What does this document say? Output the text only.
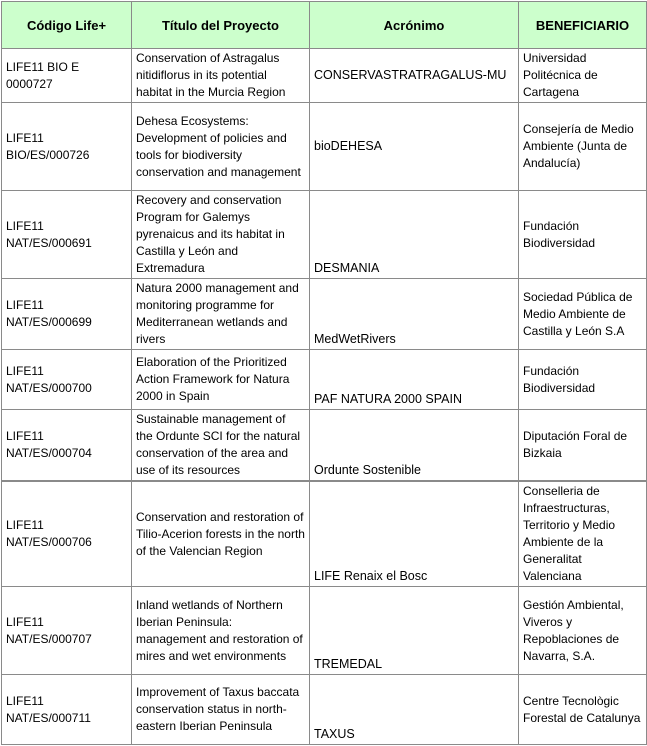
Código Life+	Título del Proyecto	Acrónimo	BENEFICIARIO
LIFE11 BIO E 0000727	Conservation of Astragalus nitidiflorus in its potential habitat in the Murcia Region	CONSERVASTRATRAGALUS-MU	Universidad Politécnica de Cartagena
LIFE11 BIO/ES/000726	Dehesa Ecosystems: Development of policies and tools for biodiversity conservation and management	bioDEHESA	Consejería de Medio Ambiente (Junta de Andalucía)
LIFE11 NAT/ES/000691	Recovery and conservation Program for Galemys pyrenaicus and its habitat in Castilla y León and Extremadura	DESMANIA	Fundación Biodiversidad
LIFE11 NAT/ES/000699	Natura 2000 management and monitoring programme for Mediterranean wetlands and rivers	MedWetRivers	Sociedad Pública de Medio Ambiente de Castilla y León S.A
LIFE11 NAT/ES/000700	Elaboration of the Prioritized Action Framework for Natura 2000 in Spain	PAF NATURA 2000 SPAIN	Fundación Biodiversidad
LIFE11 NAT/ES/000704	Sustainable management of the Ordunte SCI for the natural conservation of the area and use of its resources	Ordunte Sostenible	Diputación Foral de Bizkaia
LIFE11 NAT/ES/000706	Conservation and restoration of Tilio-Acerion forests in the north of the Valencian Region	LIFE Renaix el Bosc	Conselleria de Infraestructuras, Territorio y Medio Ambiente de la Generalitat Valenciana
LIFE11 NAT/ES/000707	Inland wetlands of Northern Iberian Peninsula: management and restoration of mires and wet environments	TREMEDAL	Gestión Ambiental, Viveros y Repoblaciones de Navarra, S.A.
LIFE11 NAT/ES/000711	Improvement of Taxus baccata conservation status in north-eastern Iberian Peninsula	TAXUS	Centre Tecnològic Forestal de Catalunya
